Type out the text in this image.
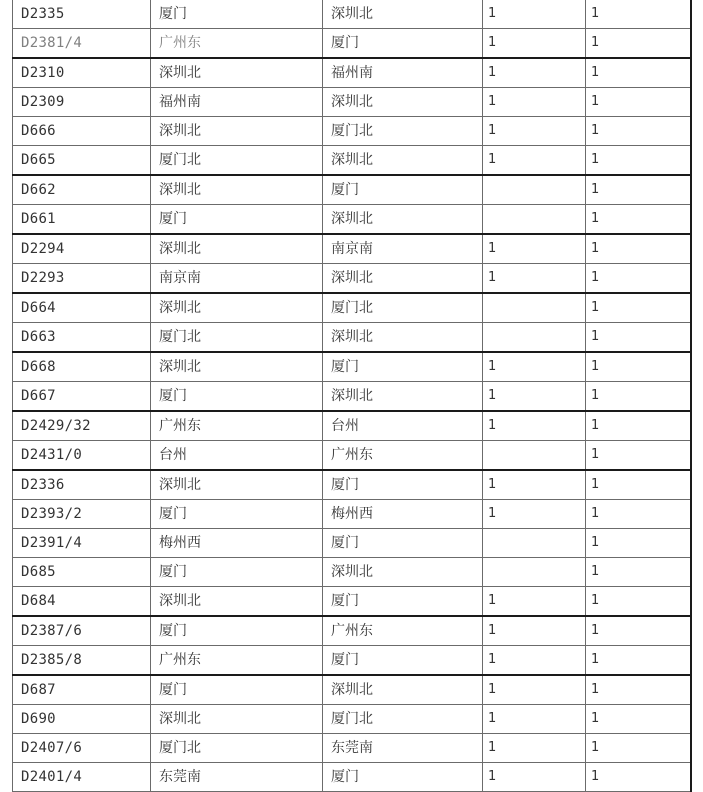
D2335	厦门	深圳北	1	1
D2381/4	广州东	厦门	1	1
D2310	深圳北	福州南	1	1
D2309	福州南	深圳北	1	1
D666	深圳北	厦门北	1	1
D665	厦门北	深圳北	1	1
D662	深圳北	厦门		1
D661	厦门	深圳北		1
D2294	深圳北	南京南	1	1
D2293	南京南	深圳北	1	1
D664	深圳北	厦门北		1
D663	厦门北	深圳北		1
D668	深圳北	厦门	1	1
D667	厦门	深圳北	1	1
D2429/32	广州东	台州	1	1
D2431/0	台州	广州东		1
D2336	深圳北	厦门	1	1
D2393/2	厦门	梅州西	1	1
D2391/4	梅州西	厦门		1
D685	厦门	深圳北		1
D684	深圳北	厦门	1	1
D2387/6	厦门	广州东	1	1
D2385/8	广州东	厦门	1	1
D687	厦门	深圳北	1	1
D690	深圳北	厦门北	1	1
D2407/6	厦门北	东莞南	1	1
D2401/4	东莞南	厦门	1	1
